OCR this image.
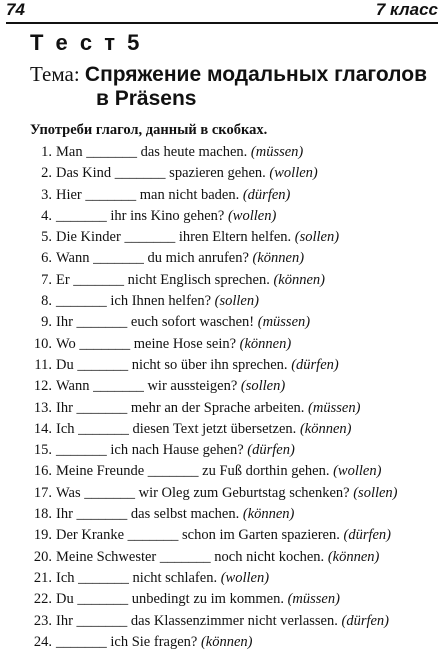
74	7 класс
Т е с т 5
Тема: Спряжение модальных глаголов
в Präsens
Употреби глагол, данный в скобках.
1. Man _______ das heute machen. (müssen)
2. Das Kind _______ spazieren gehen. (wollen)
3. Hier _______ man nicht baden. (dürfen)
4. _______ ihr ins Kino gehen? (wollen)
5. Die Kinder _______ ihren Eltern helfen. (sollen)
6. Wann _______ du mich anrufen? (können)
7. Er _______ nicht Englisch sprechen. (können)
8. _______ ich Ihnen helfen? (sollen)
9. Ihr _______ euch sofort waschen! (müssen)
10. Wo _______ meine Hose sein? (können)
11. Du _______ nicht so über ihn sprechen. (dürfen)
12. Wann _______ wir aussteigen? (sollen)
13. Ihr _______ mehr an der Sprache arbeiten. (müssen)
14. Ich _______ diesen Text jetzt übersetzen. (können)
15. _______ ich nach Hause gehen? (dürfen)
16. Meine Freunde _______ zu Fuß dorthin gehen. (wollen)
17. Was _______ wir Oleg zum Geburtstag schenken? (sollen)
18. Ihr _______ das selbst machen. (können)
19. Der Kranke _______ schon im Garten spazieren. (dürfen)
20. Meine Schwester _______ noch nicht kochen. (können)
21. Ich _______ nicht schlafen. (wollen)
22. Du _______ unbedingt zu im kommen. (müssen)
23. Ihr _______ das Klassenzimmer nicht verlassen. (dürfen)
24. _______ ich Sie fragen? (können)
